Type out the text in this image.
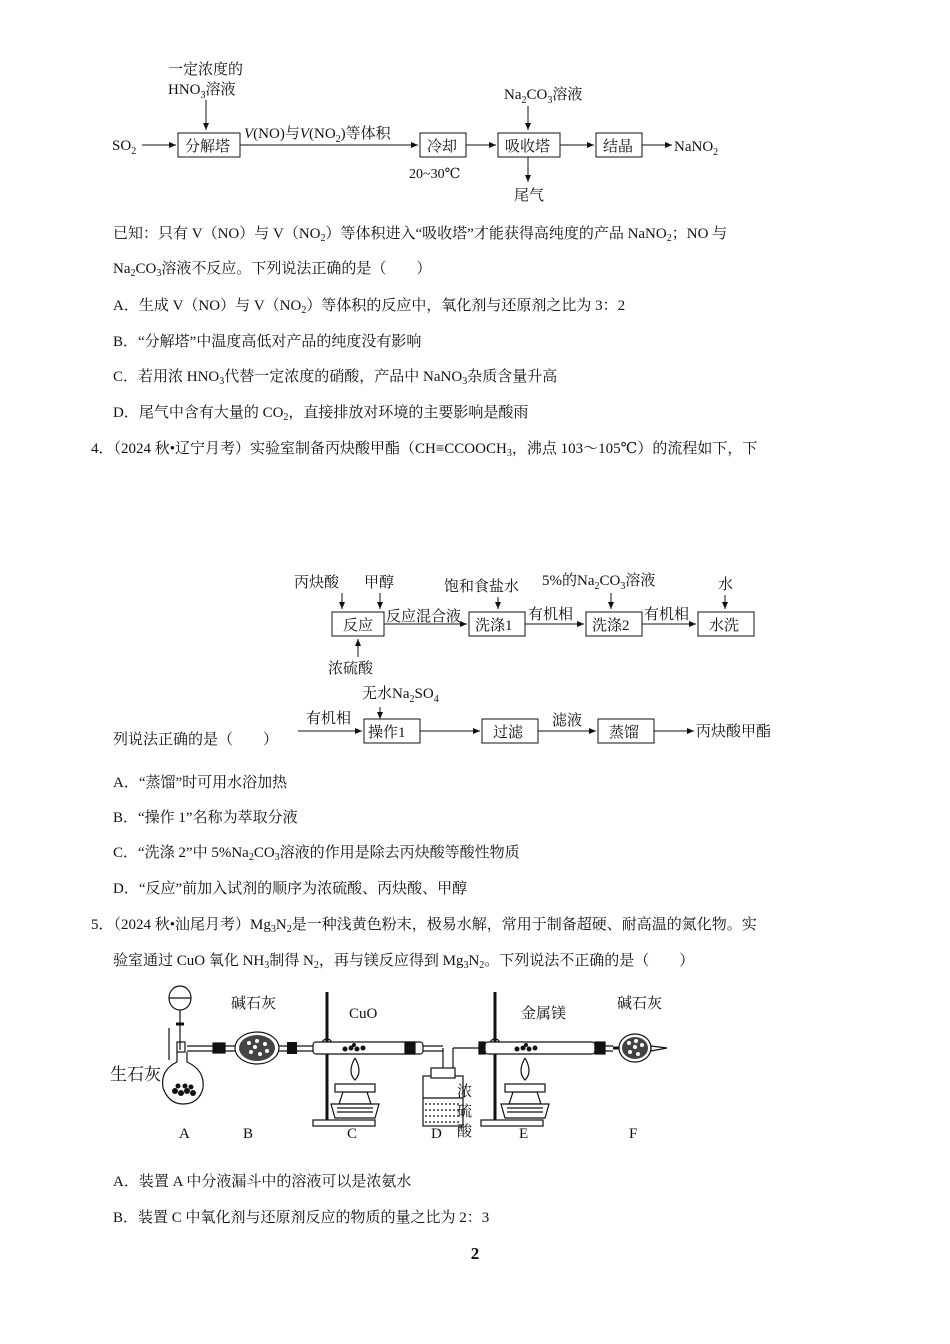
一定浓度的
$HNO_3$溶液
$SO_2$	分解塔
V(NO)与$V(NO_2)$等体积
冷却
20~30℃
$Na_2CO_3$溶液
吸收塔
尾气
结晶	NaNO$_2$
已知：只有 V（NO）与 $V(NO_2)$等体积进入“吸收塔”才能获得高纯度的产品 NaNO$_2$；NO 与
$Na_2CO_3$溶液不反应。下列说法正确的是（　　）
A．生成 V（NO）与 $V(NO_2)$等体积的反应中，氧化剂与还原剂之比为 3：2
B．“分解塔”中温度高低对产品的纯度没有影响
C．若用浓 $HNO_3$代替一定浓度的硝酸，产品中 NaNO$_3$杂质含量升高
D．尾气中含有大量的 $CO_2$，直接排放对环境的主要影响是酸雨
4．（2024 秋•辽宁月考）实验室制备丙炔酸甲酯（$CH\equiv CCOOCH_3$，沸点 103～105℃）的流程如下，下
丙炔酸 甲醇
反应
浓硫酸
反应混合液
饱和食盐水
洗涤1
有机相
5%的$Na_2CO_3$溶液
洗涤2
有机相
水
水洗
无水$Na_2SO_4$
有机相
操作1	过滤
滤液
蒸馏	丙炔酸甲酯
列说法正确的是（　　）
A．“蒸馏”时可用水浴加热
B．“操作 1”名称为萃取分液
C．“洗涤 2”中 $5\%Na_2CO_3$溶液的作用是除去丙炔酸等酸性物质
D．“反应”前加入试剂的顺序为浓硫酸、丙炔酸、甲醇
5．（2024 秋•汕尾月考）$Mg_3N_2$是一种浅黄色粉末，极易水解，常用于制备超硬、耐高温的氮化物。实
验室通过 CuO 氧化 $NH_3$制得 $N_2$，再与镁反应得到 $Mg_3N_2$。下列说法不正确的是（　　）
生石灰
碱石灰
CuO
浓
硫
酸
金属镁
碱石灰
A	B	C	D	E	F
A．装置 A 中分液漏斗中的溶液可以是浓氨水
B．装置 C 中氧化剂与还原剂反应的物质的量之比为 2：3
2
